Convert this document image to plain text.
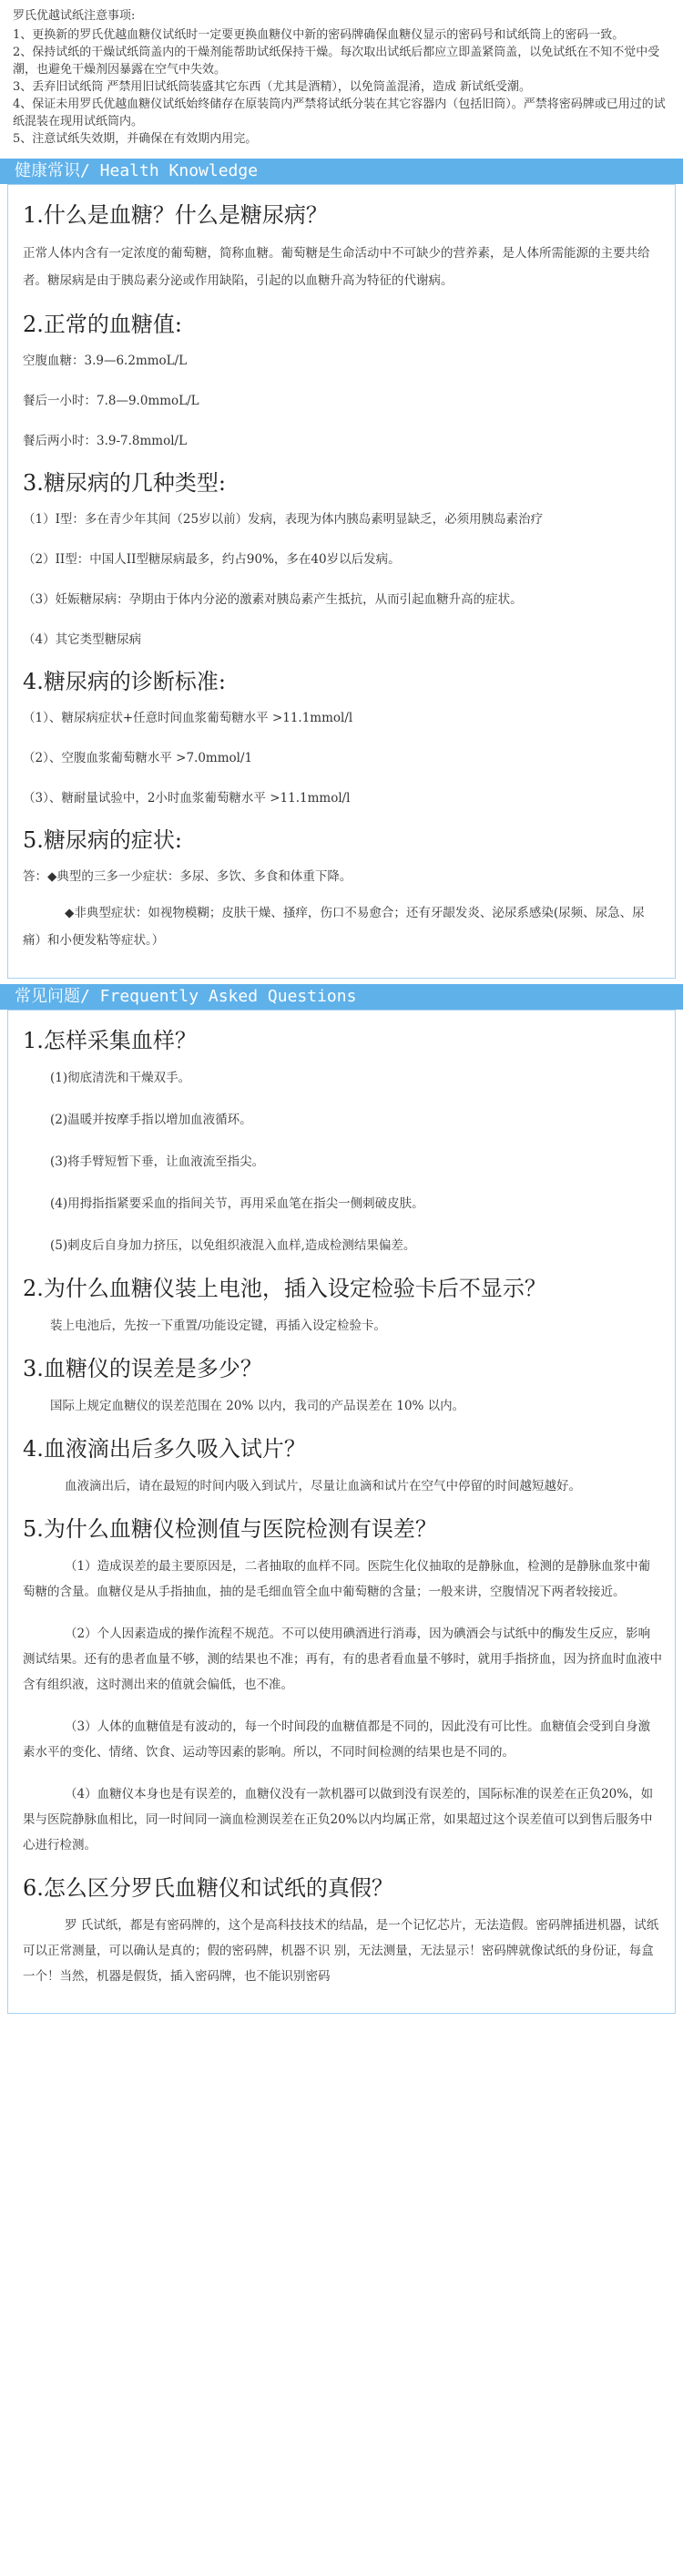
罗氏优越试纸注意事项:

1、更换新的罗氏优越血糖仪试纸时一定要更换血糖仪中新的密码牌确保血糖仪显示的密码号和试纸筒上的密码一致。

2、保持试纸的干燥试纸筒盖内的干燥剂能帮助试纸保持干燥。每次取出试纸后都应立即盖紧筒盖，以免试纸在不知不觉中受潮，也避免干燥剂因暴露在空气中失效。

3、丢弃旧试纸筒 严禁用旧试纸筒装盛其它东西（尤其是酒精），以免筒盖混淆，造成 新试纸受潮。

4、保证未用罗氏优越血糖仪试纸始终储存在原装筒内严禁将试纸分装在其它容器内（包括旧筒）。严禁将密码牌或已用过的试纸混装在现用试纸筒内。

5、注意试纸失效期，并确保在有效期内用完。

健康常识/ Health Knowledge
1.什么是血糖？什么是糖尿病？

正常人体内含有一定浓度的葡萄糖，简称血糖。葡萄糖是生命活动中不可缺少的营养素，是人体所需能源的主要共给者。糖尿病是由于胰岛素分泌或作用缺陷，引起的以血糖升高为特征的代谢病。

2.正常的血糖值:

空腹血糖：3.9—6.2mmoL/L

餐后一小时：7.8—9.0mmoL/L

餐后两小时：3.9-7.8mmol/L

3.糖尿病的几种类型:

（1）I型：多在青少年其间（25岁以前）发病，表现为体内胰岛素明显缺乏，必须用胰岛素治疗

（2）II型：中国人II型糖尿病最多，约占90%，多在40岁以后发病。

（3）妊娠糖尿病：孕期由于体内分泌的激素对胰岛素产生抵抗，从而引起血糖升高的症状。

（4）其它类型糖尿病

4.糖尿病的诊断标准:

（1）、糖尿病症状+任意时间血浆葡萄糖水平 >11.1mmol/l

（2）、空腹血浆葡萄糖水平 >7.0mmol/1

（3）、糖耐量试验中，2小时血浆葡萄糖水平 >11.1mmol/l

5.糖尿病的症状:

答：◆典型的三多一少症状：多尿、多饮、多食和体重下降。

◆非典型症状：如视物模糊；皮肤干燥、搔痒，伤口不易愈合；还有牙龈发炎、泌尿系感染(尿频、尿急、尿痛）和小便发粘等症状。）

常见问题/ Frequently Asked Questions
1.怎样采集血样？

(1)彻底清洗和干燥双手。

(2)温暖并按摩手指以增加血液循环。

(3)将手臂短暂下垂，让血液流至指尖。

(4)用拇指指紧要采血的指间关节，再用采血笔在指尖一侧刺破皮肤。

(5)刺皮后自身加力挤压，以免组织液混入血样,造成检测结果偏差。

2.为什么血糖仪装上电池，插入设定检验卡后不显示？

装上电池后，先按一下重置/功能设定键，再插入设定检验卡。

3.血糖仪的误差是多少？

国际上规定血糖仪的误差范围在 20% 以内，我司的产品误差在 10% 以内。

4.血液滴出后多久吸入试片？

血液滴出后，请在最短的时间内吸入到试片，尽量让血滴和试片在空气中停留的时间越短越好。

5.为什么血糖仪检测值与医院检测有误差？

（1）造成误差的最主要原因是，二者抽取的血样不同。医院生化仪抽取的是静脉血，检测的是静脉血浆中葡萄糖的含量。血糖仪是从手指抽血，抽的是毛细血管全血中葡萄糖的含量；一般来讲，空腹情况下两者较接近。

（2）个人因素造成的操作流程不规范。不可以使用碘酒进行消毒，因为碘酒会与试纸中的酶发生反应，影响测试结果。还有的患者血量不够，测的结果也不准；再有，有的患者看血量不够时，就用手指挤血，因为挤血时血液中含有组织液，这时测出来的值就会偏低，也不准。

（3）人体的血糖值是有波动的，每一个时间段的血糖值都是不同的，因此没有可比性。血糖值会受到自身激素水平的变化、情绪、饮食、运动等因素的影响。所以，不同时间检测的结果也是不同的。

（4）血糖仪本身也是有误差的，血糖仪没有一款机器可以做到没有误差的，国际标准的误差在正负20%，如果与医院静脉血相比，同一时间同一滴血检测误差在正负20%以内均属正常，如果超过这个误差值可以到售后服务中心进行检测。

6.怎么区分罗氏血糖仪和试纸的真假？

罗 氏试纸，都是有密码牌的，这个是高科技技术的结晶，是一个记忆芯片，无法造假。密码牌插进机器，试纸可以正常测量，可以确认是真的；假的密码牌，机器不识 别，无法测量，无法显示！密码牌就像试纸的身份证，每盒一个！当然，机器是假货，插入密码牌，也不能识别密码
